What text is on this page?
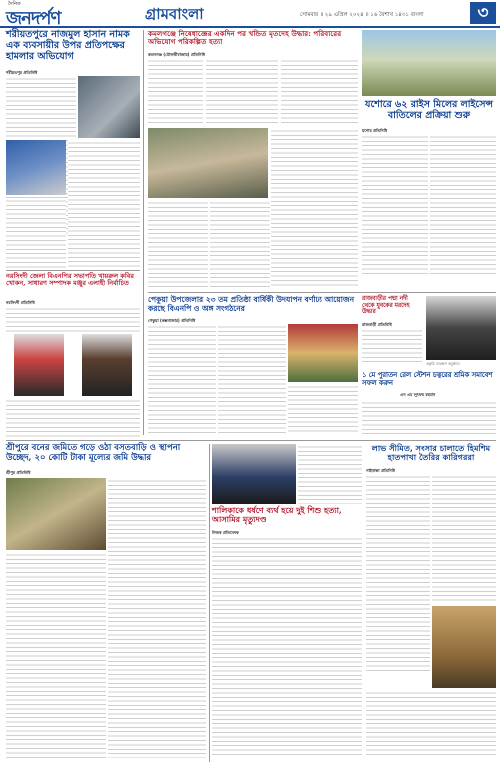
দৈনিক
জনদর্পণ	গ্রামবাংলা	সোমবার ॥ ২৯ এপ্রিল ২০২৪ ॥ ১৬ বৈশাখ ১৪৩১ বাংলা	৩
শরীয়তপুরে নাজমুল হাসান নামক এক ব্যবসায়ীর উপর প্রতিপক্ষের হামলার অভিযোগ
শরীয়তপুর প্রতিনিধি
নরসিংদী জেলা বিএনপির সভাপতি খায়রুল কবির খোকন, সাধারণ সম্পাদক মঞ্জুর এলাহী নির্বাচিত
নরসিংদী প্রতিনিধি
কমলগঞ্জে নিষেধাজ্ঞের একদিন পর খন্ডিত মৃতদেহ উদ্ধার: পরিবারের অভিযোগ পরিকল্পিত হত্যা
কমলগঞ্জ (মৌলভীবাজার) প্রতিনিধি
যশোরে ৬২ রাইস মিলের লাইসেন্স বাতিলের প্রক্রিয়া শুরু
যশোর প্রতিনিধি
পেকুয়া উপজেলার ২৩ তম প্রতিষ্ঠা বার্ষিকী উদযাপন বর্ণাঢ্য আয়োজন করছে বিএনপি ও অঙ্গ সংগঠনের
পেকুয়া (কক্সবাজার) প্রতিনিধি
রাজবাড়ীর পদ্মা নদী থেকে যুবকের মরদেহ উদ্ধার
রাজবাড়ী প্রতিনিধি
প্রকৃতি সংরক্ষণ অনুষ্ঠানে
১ মে পুরাতন রেল স্টেশন চত্বরের শ্রমিক সমাবেশ সফল করুন
এস এম লুৎফর রহমান
শ্রীপুরে বনের জমিতে গড়ে ওঠা বসতবাড়ি ও স্থাপনা উচ্ছেদ, ২০ কোটি টাকা মূল্যের জমি উদ্ধার
শ্রীপুর প্রতিনিধি
শালিকাকে ধর্ষণে ব্যর্থ হয়ে দুই শিশু হত্যা, আসামির মৃত্যুদণ্ড
নিজস্ব প্রতিবেদক
লাভ সীমিত, সংসার চালাতে হিমশিম হাতপাখা তৈরির কারিগররা
গাইবান্ধা প্রতিনিধি
